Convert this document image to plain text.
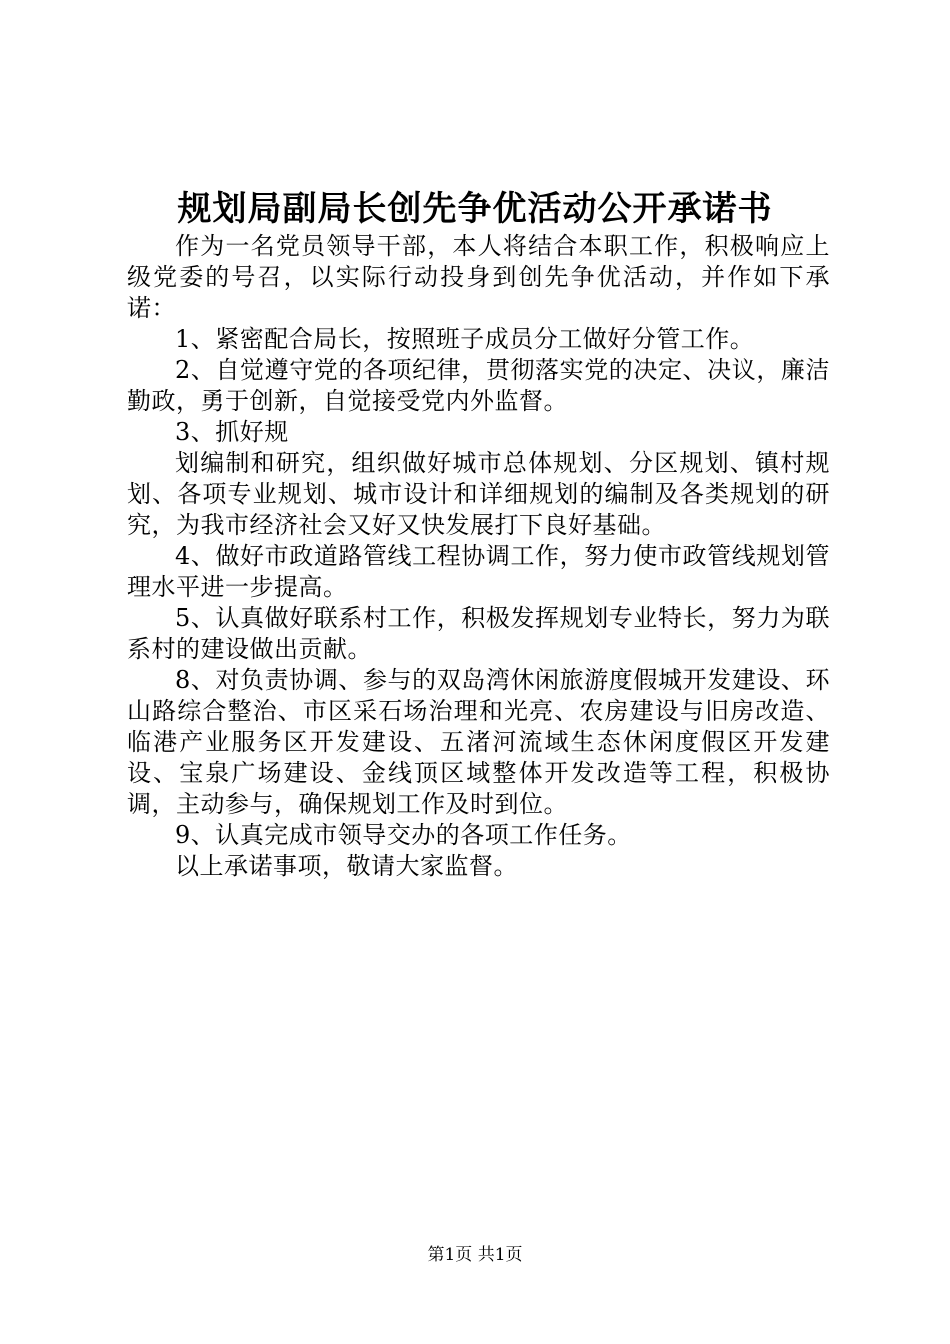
规划局副局长创先争优活动公开承诺书

作为一名党员领导干部，本人将结合本职工作，积极响应上级党委的号召，以实际行动投身到创先争优活动，并作如下承诺：

1、紧密配合局长，按照班子成员分工做好分管工作。

2、自觉遵守党的各项纪律，贯彻落实党的决定、决议，廉洁勤政，勇于创新，自觉接受党内外监督。

3、抓好规

划编制和研究，组织做好城市总体规划、分区规划、镇村规划、各项专业规划、城市设计和详细规划的编制及各类规划的研究，为我市经济社会又好又快发展打下良好基础。

4、做好市政道路管线工程协调工作，努力使市政管线规划管理水平进一步提高。

5、认真做好联系村工作，积极发挥规划专业特长，努力为联系村的建设做出贡献。

8、对负责协调、参与的双岛湾休闲旅游度假城开发建设、环山路综合整治、市区采石场治理和光亮、农房建设与旧房改造、临港产业服务区开发建设、五渚河流域生态休闲度假区开发建设、宝泉广场建设、金线顶区域整体开发改造等工程，积极协调，主动参与，确保规划工作及时到位。

9、认真完成市领导交办的各项工作任务。

以上承诺事项，敬请大家监督。

第1页 共1页
